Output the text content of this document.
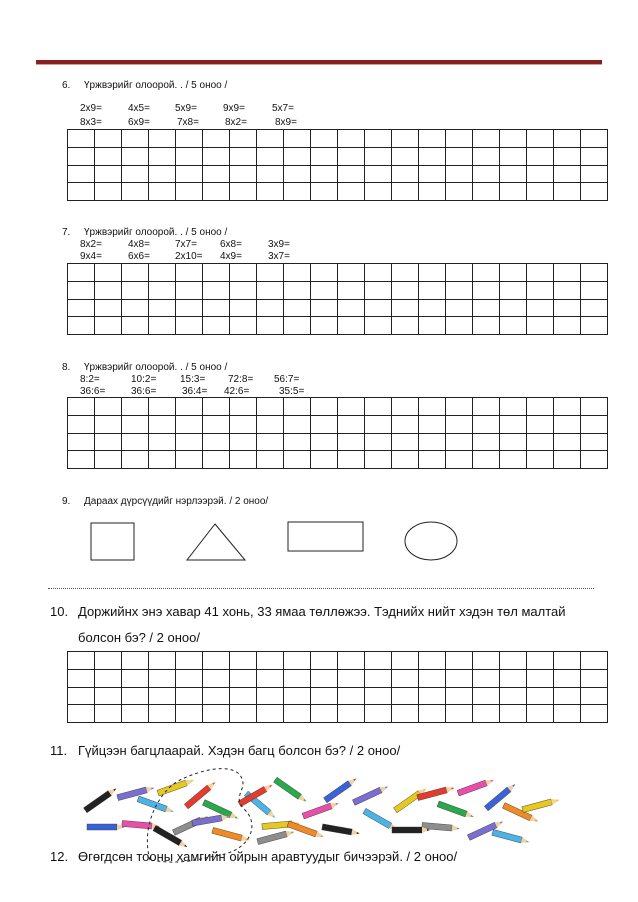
6. Үржвэрийг олоорой. . / 5 оноо /
2x9=	4x5=	5x9=	9x9=	5x7=
8x3=	6x9=	7x8=	8x2=	8x9=

7. Үржвэрийг олоорой. . / 5 оноо /
8x2=	4x8=	7x7= 6x8=	3x9=
9x4=	6x6=	2x10= 4x9=	3x7=

8. Үржвэрийг олоорой. . / 5 оноо /
8:2=	10:2= 15:3= 72:8= 56:7=
36:6=	36:6=	36:4= 42:6=	35:5=

9. Дараах дүрсүүдийг нэрлээрэй. / 2 оноо/
10. Доржийнх энэ хавар 41 хонь, 33 ямаа төллөжээ. Тэднийх нийт хэдэн төл малтай
болсон бэ? / 2 оноо/

11. Гүйцээн багцлаарай. Хэдэн багц болсон бэ? / 2 оноо/
12. Өгөгдсөн тооны хамгийн ойрын аравтуудыг бичээрэй. / 2 оноо/
